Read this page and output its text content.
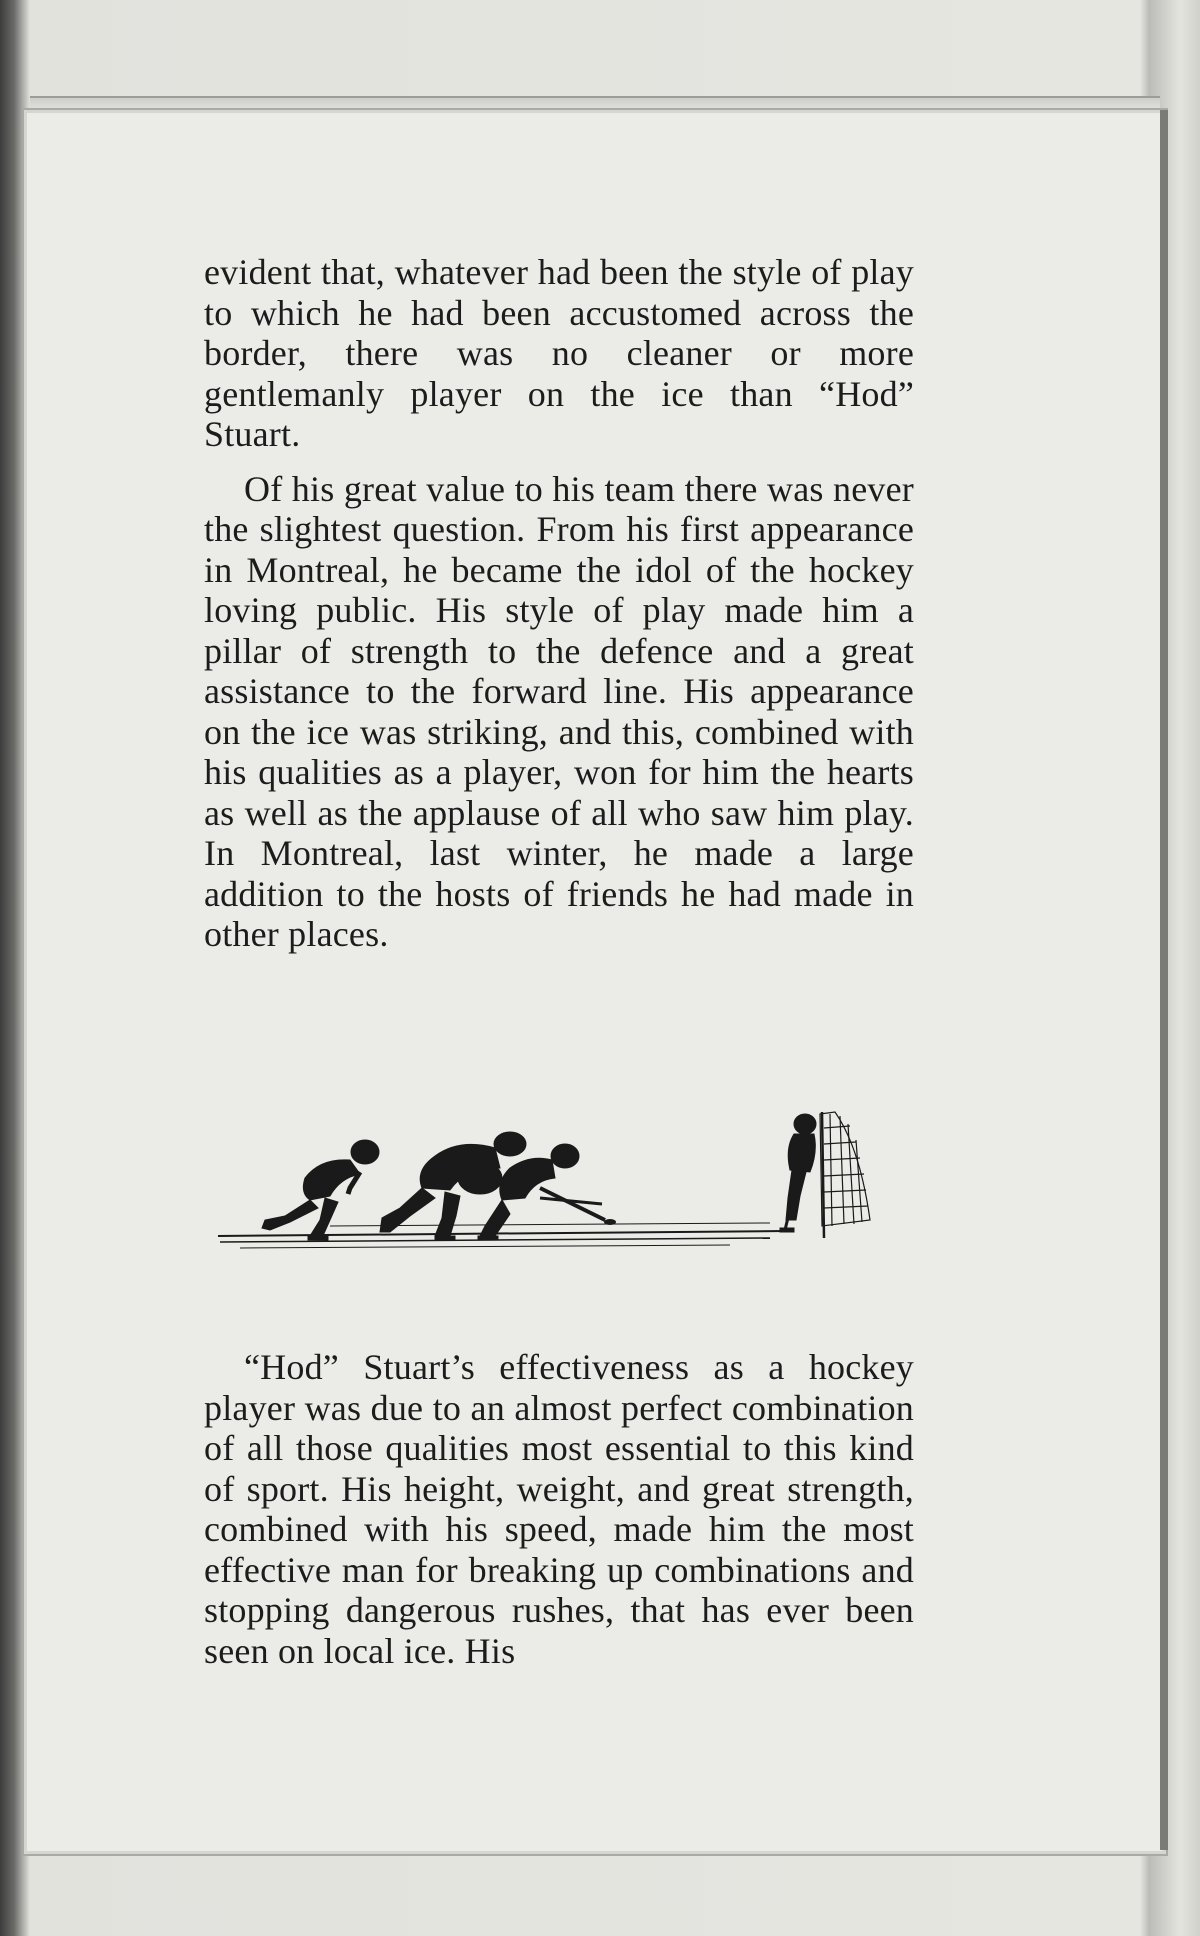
evident that, whatever had been the style of play to which he had been accustomed across the border, there was no cleaner or more gentlemanly player on the ice than “Hod” Stuart.

Of his great value to his team there was never the slightest question. From his first appearance in Montreal, he became the idol of the hockey loving public. His style of play made him a pillar of strength to the defence and a great assistance to the forward line. His appearance on the ice was striking, and this, combined with his qualities as a player, won for him the hearts as well as the applause of all who saw him play. In Montreal, last winter, he made a large addition to the hosts of friends he had made in other places.

“Hod” Stuart’s effectiveness as a hockey player was due to an almost perfect combination of all those qualities most essential to this kind of sport. His height, weight, and great strength, combined with his speed, made him the most effective man for breaking up combinations and stopping dangerous rushes, that has ever been seen on local ice. His
